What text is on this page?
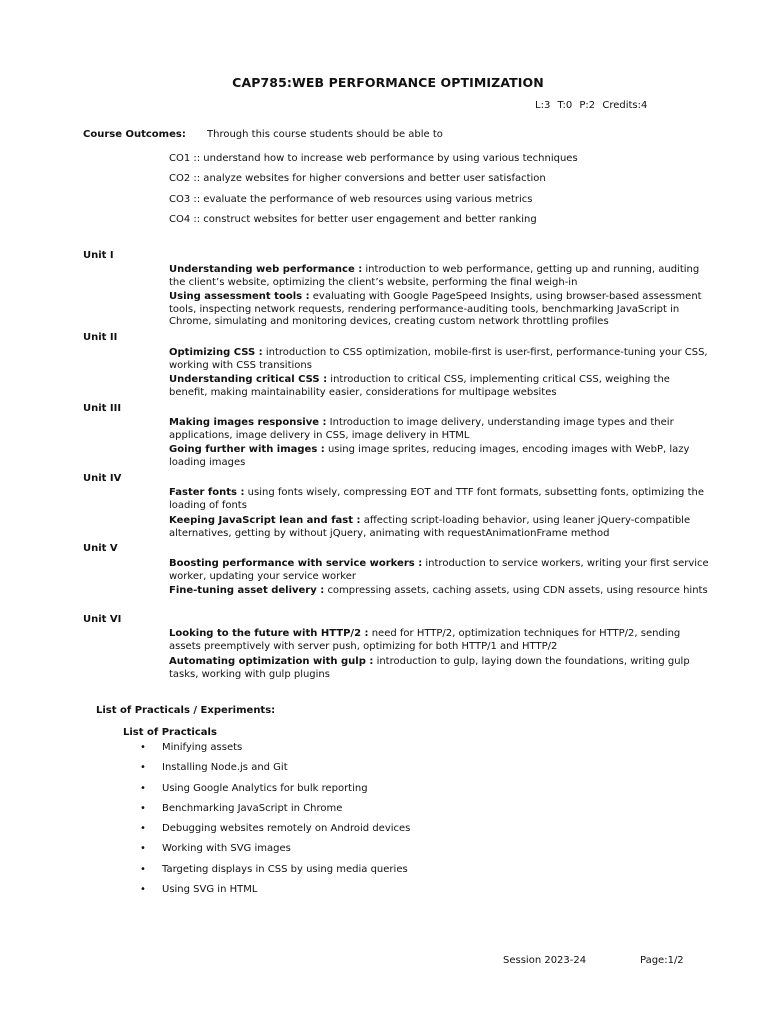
CAP785:WEB PERFORMANCE OPTIMIZATION
L:3 T:0 P:2 Credits:4
Course Outcomes: Through this course students should be able to
CO1 :: understand how to increase web performance by using various techniques
CO2 :: analyze websites for higher conversions and better user satisfaction
CO3 :: evaluate the performance of web resources using various metrics
CO4 :: construct websites for better user engagement and better ranking
Unit I
Understanding web performance : introduction to web performance, getting up and running, auditing the client’s website, optimizing the client’s website, performing the final weigh-in
Using assessment tools : evaluating with Google PageSpeed Insights, using browser-based assessment tools, inspecting network requests, rendering performance-auditing tools, benchmarking JavaScript in Chrome, simulating and monitoring devices, creating custom network throttling profiles
Unit II
Optimizing CSS : introduction to CSS optimization, mobile-first is user-first, performance-tuning your CSS, working with CSS transitions
Understanding critical CSS : introduction to critical CSS, implementing critical CSS, weighing the benefit, making maintainability easier, considerations for multipage websites
Unit III
Making images responsive : Introduction to image delivery, understanding image types and their applications, image delivery in CSS, image delivery in HTML
Going further with images : using image sprites, reducing images, encoding images with WebP, lazy loading images
Unit IV
Faster fonts : using fonts wisely, compressing EOT and TTF font formats, subsetting fonts, optimizing the loading of fonts
Keeping JavaScript lean and fast : affecting script-loading behavior, using leaner jQuery-compatible alternatives, getting by without jQuery, animating with requestAnimationFrame method
Unit V
Boosting performance with service workers : introduction to service workers, writing your first service worker, updating your service worker
Fine-tuning asset delivery : compressing assets, caching assets, using CDN assets, using resource hints
Unit VI
Looking to the future with HTTP/2 : need for HTTP/2, optimization techniques for HTTP/2, sending assets preemptively with server push, optimizing for both HTTP/1 and HTTP/2
Automating optimization with gulp : introduction to gulp, laying down the foundations, writing gulp tasks, working with gulp plugins
List of Practicals / Experiments:
List of Practicals
• Minifying assets
• Installing Node.js and Git
• Using Google Analytics for bulk reporting
• Benchmarking JavaScript in Chrome
• Debugging websites remotely on Android devices
• Working with SVG images
• Targeting displays in CSS by using media queries
• Using SVG in HTML
Session 2023-24	Page:1/2
